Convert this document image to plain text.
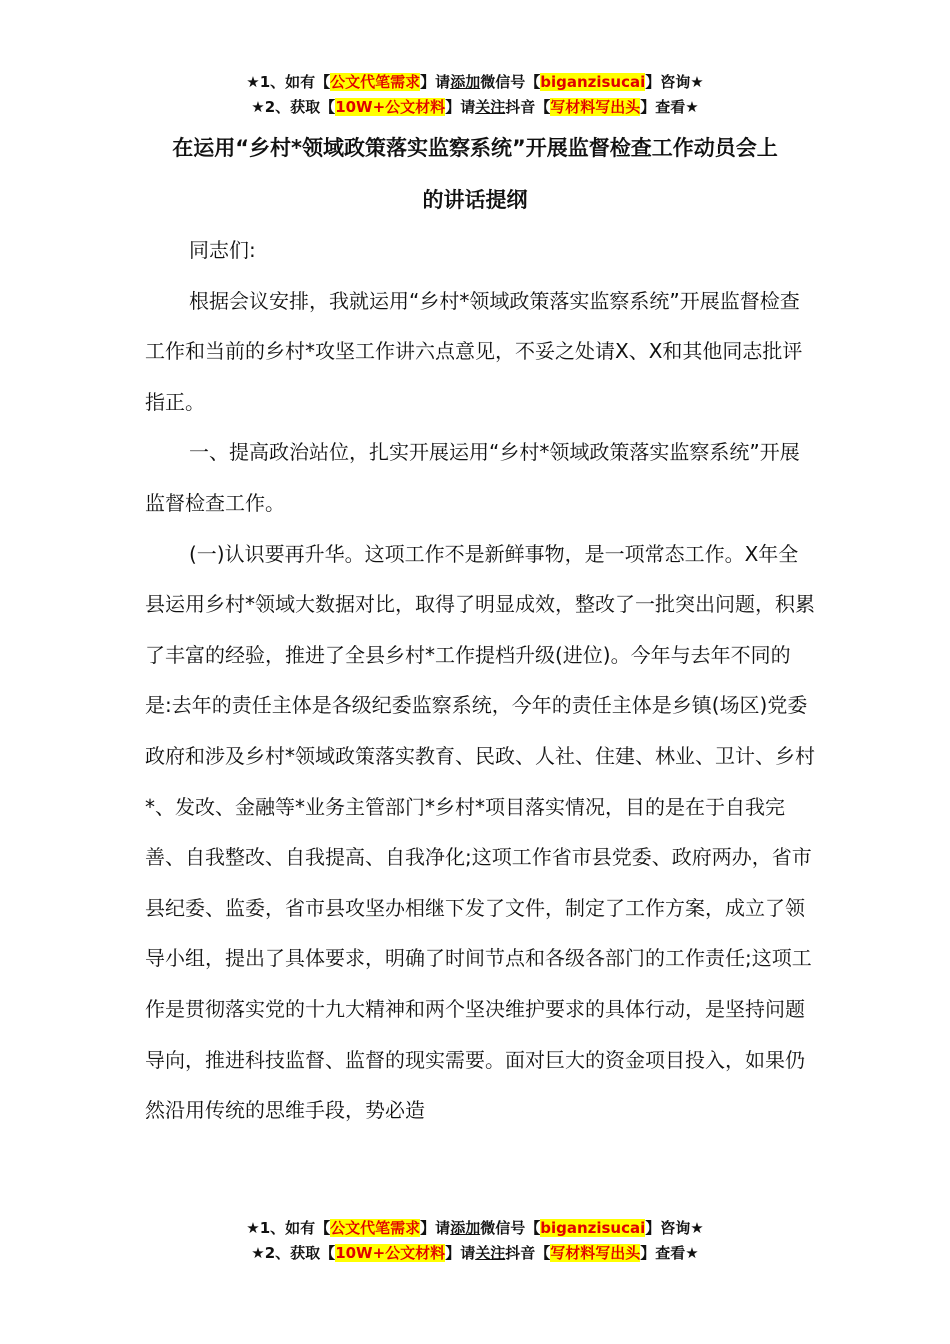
★1、如有【公文代笔需求】请添加微信号【biganzisucai】咨询★
★2、获取【10W+公文材料】请关注抖音【写材料写出头】查看★
在运用“乡村*领域政策落实监察系统”开展监督检查工作动员会上
的讲话提纲

同志们:

根据会议安排，我就运用“乡村*领域政策落实监察系统”开展监督检查工作和当前的乡村*攻坚工作讲六点意见，不妥之处请X、X和其他同志批评指正。

一、提高政治站位，扎实开展运用“乡村*领域政策落实监察系统”开展监督检查工作。

(一)认识要再升华。这项工作不是新鲜事物，是一项常态工作。X年全县运用乡村*领域大数据对比，取得了明显成效，整改了一批突出问题，积累了丰富的经验，推进了全县乡村*工作提档升级(进位)。今年与去年不同的是:去年的责任主体是各级纪委监察系统，今年的责任主体是乡镇(场区)党委政府和涉及乡村*领域政策落实教育、民政、人社、住建、林业、卫计、乡村*、发改、金融等*业务主管部门*乡村*项目落实情况，目的是在于自我完善、自我整改、自我提高、自我净化;这项工作省市县党委、政府两办，省市县纪委、监委，省市县攻坚办相继下发了文件，制定了工作方案，成立了领导小组，提出了具体要求，明确了时间节点和各级各部门的工作责任;这项工作是贯彻落实党的十九大精神和两个坚决维护要求的具体行动，是坚持问题导向，推进科技监督、监督的现实需要。面对巨大的资金项目投入，如果仍然沿用传统的思维手段，势必造

★1、如有【公文代笔需求】请添加微信号【biganzisucai】咨询★
★2、获取【10W+公文材料】请关注抖音【写材料写出头】查看★
